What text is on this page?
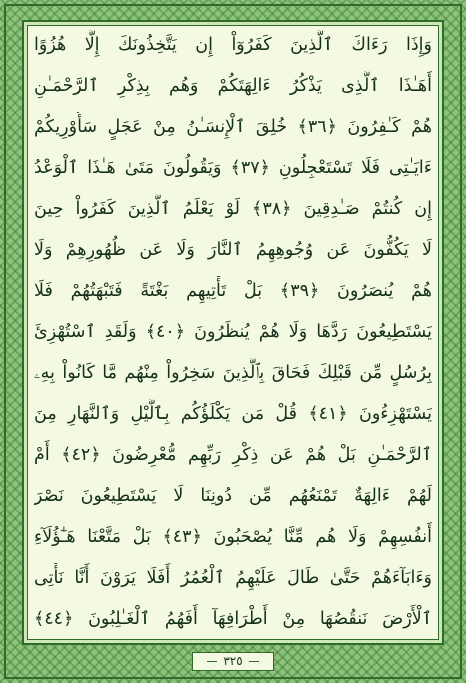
وَإِذَا رَءَاكَ ٱلَّذِينَ كَفَرُوٓاْ إِن يَتَّخِذُونَكَ إِلَّا هُزُوًا
أَهَـٰذَا ٱلَّذِى يَذْكُرُ ءَالِهَتَكُمْ وَهُم بِذِكْرِ ٱلرَّحْمَـٰنِ
هُمْ كَـٰفِرُونَ ﴿٣٦﴾ خُلِقَ ٱلْإِنسَـٰنُ مِنْ عَجَلٍ سَأُوْرِيكُمْ
ءَايَـٰتِى فَلَا تَسْتَعْجِلُونِ ﴿٣٧﴾ وَيَقُولُونَ مَتَىٰ هَـٰذَا ٱلْوَعْدُ
إِن كُنتُمْ صَـٰدِقِينَ ﴿٣٨﴾ لَوْ يَعْلَمُ ٱلَّذِينَ كَفَرُواْ حِينَ
لَا يَكُفُّونَ عَن وُجُوهِهِمُ ٱلنَّارَ وَلَا عَن ظُهُورِهِمْ وَلَا
هُمْ يُنصَرُونَ ﴿٣٩﴾ بَلْ تَأْتِيهِم بَغْتَةً فَتَبْهَتُهُمْ فَلَا
يَسْتَطِيعُونَ رَدَّهَا وَلَا هُمْ يُنظَرُونَ ﴿٤٠﴾ وَلَقَدِ ٱسْتُهْزِئَ
بِرُسُلٍ مِّن قَبْلِكَ فَحَاقَ بِٱلَّذِينَ سَخِرُواْ مِنْهُم مَّا كَانُواْ بِهِۦ
يَسْتَهْزِءُونَ ﴿٤١﴾ قُلْ مَن يَكْلَؤُكُم بِٱلَّيْلِ وَٱلنَّهَارِ مِنَ
ٱلرَّحْمَـٰنِ بَلْ هُمْ عَن ذِكْرِ رَبِّهِم مُّعْرِضُونَ ﴿٤٢﴾ أَمْ
لَهُمْ ءَالِهَةٌ تَمْنَعُهُم مِّن دُونِنَا لَا يَسْتَطِيعُونَ نَصْرَ
أَنفُسِهِمْ وَلَا هُم مِّنَّا يُصْحَبُونَ ﴿٤٣﴾ بَلْ مَتَّعْنَا هَـٰٓؤُلَآءِ
وَءَابَآءَهُمْ حَتَّىٰ طَالَ عَلَيْهِمُ ٱلْعُمُرُ أَفَلَا يَرَوْنَ أَنَّا نَأْتِى
ٱلْأَرْضَ نَنقُصُهَا مِنْ أَطْرَافِهَآ أَفَهُمُ ٱلْغَـٰلِبُونَ ﴿٤٤﴾
٣٢٥
